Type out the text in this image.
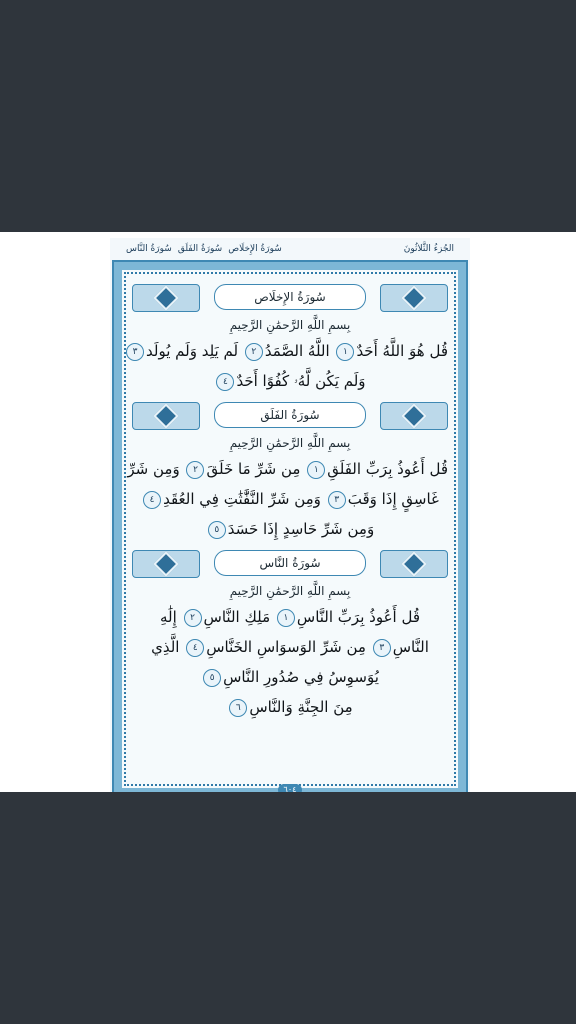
الجُزءُ الثَّلاثُونَ
سُورَةُ الإِخلَاص
سُورَةُ الفَلَق
سُورَةُ النَّاس
سُورَةُ الإِخلَاص
بِسمِ اللَّهِ الرَّحمَٰنِ الرَّحِيمِ
قُل هُوَ اللَّهُ أَحَدٌ١ اللَّهُ الصَّمَدُ٢ لَم يَلِد وَلَم يُولَد٣
وَلَم يَكُن لَّهُۥ كُفُوًا أَحَدٌ٤
سُورَةُ الفَلَق
بِسمِ اللَّهِ الرَّحمَٰنِ الرَّحِيمِ
قُل أَعُوذُ بِرَبِّ الفَلَقِ١ مِن شَرِّ مَا خَلَقَ٢ وَمِن شَرِّ
غَاسِقٍ إِذَا وَقَبَ٣ وَمِن شَرِّ النَّفَّٰثَٰتِ فِي العُقَدِ٤
وَمِن شَرِّ حَاسِدٍ إِذَا حَسَدَ٥
سُورَةُ النَّاس
بِسمِ اللَّهِ الرَّحمَٰنِ الرَّحِيمِ
قُل أَعُوذُ بِرَبِّ النَّاسِ١ مَلِكِ النَّاسِ٢ إِلَٰهِ
النَّاسِ٣ مِن شَرِّ الوَسوَاسِ الخَنَّاسِ٤ الَّذِي
يُوَسوِسُ فِي صُدُورِ النَّاسِ٥
مِنَ الجِنَّةِ وَالنَّاسِ٦
٦٠٤
